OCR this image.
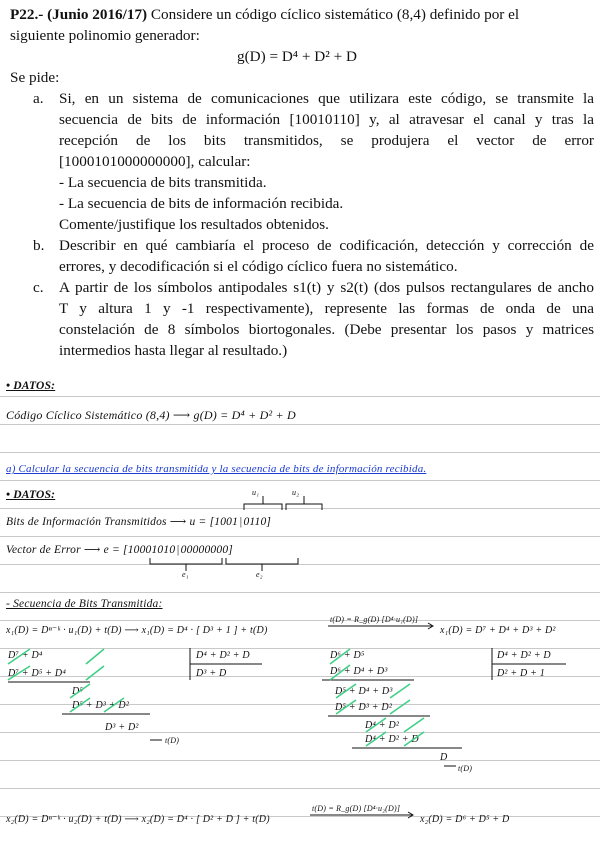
P22.- (Junio 2016/17) Considere un código cíclico sistemático (8,4) definido por el
siguiente polinomio generador:
g(D) = D⁴ + D² + D
Se pide:
a. Si, en un sistema de comunicaciones que utilizara este código, se transmite la
secuencia de bits de información [10010110] y, al atravesar el canal y tras la
recepción de los bits transmitidos, se produjera el vector de error
[1000101000000000], calcular:
- La secuencia de bits transmitida.
- La secuencia de bits de información recibida.
Comente/justifique los resultados obtenidos.
b. Describir en qué cambiaría el proceso de codificación, detección y corrección de
errores, y decodificación si el código cíclico fuera no sistemático.
c. A partir de los símbolos antipodales s1(t) y s2(t) (dos pulsos rectangulares de ancho
T y altura 1 y -1 respectivamente), represente las formas de onda de una
constelación de 8 símbolos biortogonales. (Debe presentar los pasos y matrices
intermedios hasta llegar al resultado.)
• DATOS:
Código Cíclico Sistemático (8,4) ⟶ g(D) = D⁴ + D² + D
a) Calcular la secuencia de bits transmitida y la secuencia de bits de información recibida.
• DATOS:	u₁	u₂
Bits de Información Transmitidos ⟶ u = [1001|0110]
Vector de Error ⟶ e = [10001010|00000000]
e₁	e₂
- Secuencia de Bits Transmitida:
x₁(D) = Dⁿ⁻ᵏ · u₁(D) + t(D) ⟶ x₁(D) = D⁴ · [ D³ + 1 ] + t(D)
t(D) = R_g(D) [D⁴·u₁(D)]
x₁(D) = D⁷ + D⁴ + D³ + D²
D⁷ + D⁴
D⁷ + D⁵ + D⁴
D⁵
D⁵ + D³ + D²
D³ + D²
t(D)
D⁴ + D² + D
D³ + D
D⁶ + D⁵
D⁶ + D⁴ + D³
D⁵ + D⁴ + D³
D⁵ + D³ + D²
D⁴ + D²
D⁴ + D² + D
D
t(D)
D⁴ + D² + D
D² + D + 1
x₂(D) = Dⁿ⁻ᵏ · u₂(D) + t(D) ⟶ x₂(D) = D⁴ · [ D² + D ] + t(D)
t(D) = R_g(D) [D⁴·u₂(D)]
x₂(D) = D⁶ + D⁵ + D
